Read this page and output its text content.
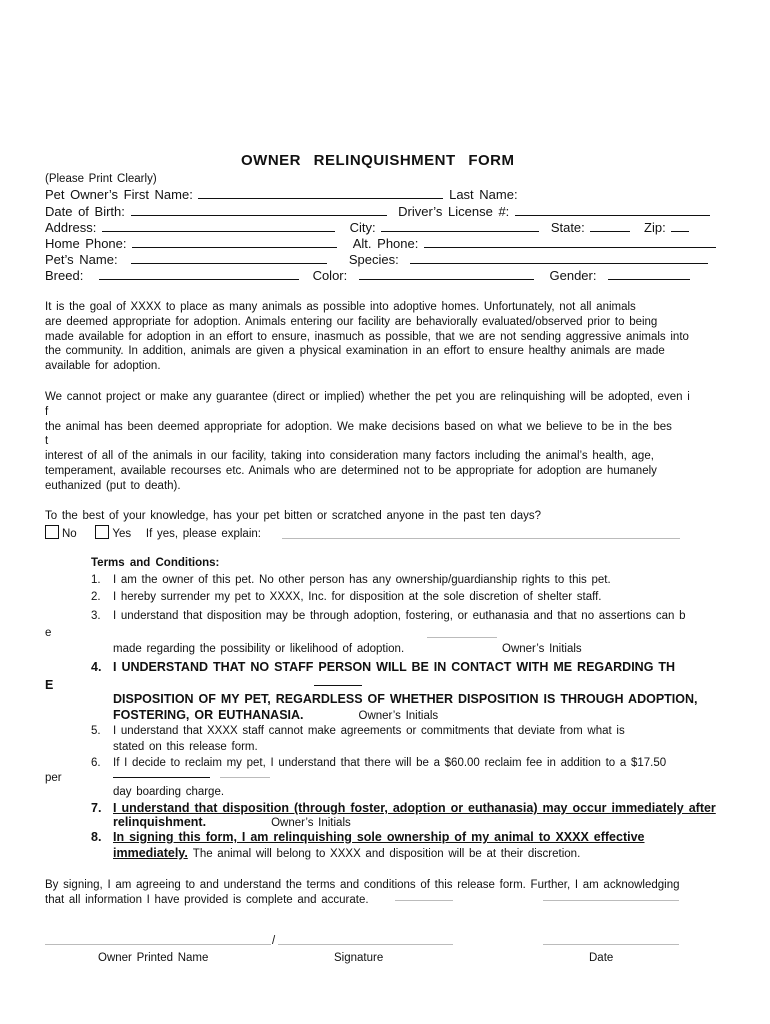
OWNER RELINQUISHMENT FORM
(Please Print Clearly)
Pet Owner’s First Name:	Last Name:
Date of Birth:	Driver’s License #:
Address:	City:	State:	Zip:
Home Phone:	Alt. Phone:
Pet’s Name:	Species:
Breed:	Color:	Gender:
It is the goal of XXXX to place as many animals as possible into adoptive homes. Unfortunately, not all animals
are deemed appropriate for adoption. Animals entering our facility are behaviorally evaluated/observed prior to being
made available for adoption in an effort to ensure, inasmuch as possible, that we are not sending aggressive animals into
the community. In addition, animals are given a physical examination in an effort to ensure healthy animals are made
available for adoption.
We cannot project or make any guarantee (direct or implied) whether the pet you are relinquishing will be adopted, even i
f
the animal has been deemed appropriate for adoption. We make decisions based on what we believe to be in the bes
t
interest of all of the animals in our facility, taking into consideration many factors including the animal’s health, age,
temperament, available recourses etc. Animals who are determined not to be appropriate for adoption are humanely
euthanized (put to death).
To the best of your knowledge, has your pet bitten or scratched anyone in the past ten days?
No	Yes If yes, please explain:
Terms and Conditions:
1. I am the owner of this pet. No other person has any ownership/guardianship rights to this pet.
2. I hereby surrender my pet to XXXX, Inc. for disposition at the sole discretion of shelter staff.
3. I understand that disposition may be through adoption, fostering, or euthanasia and that no assertions can b
e
made regarding the possibility or likelihood of adoption.	Owner’s Initials
4. I UNDERSTAND THAT NO STAFF PERSON WILL BE IN CONTACT WITH ME REGARDING TH
E
DISPOSITION OF MY PET, REGARDLESS OF WHETHER DISPOSITION IS THROUGH ADOPTION,
FOSTERING, OR EUTHANASIA.	Owner’s Initials
5. I understand that XXXX staff cannot make agreements or commitments that deviate from what is
stated on this release form.
6. If I decide to reclaim my pet, I understand that there will be a $60.00 reclaim fee in addition to a $17.50
per
day boarding charge.
7. I understand that disposition (through foster, adoption or euthanasia) may occur immediately after
relinquishment.	Owner’s Initials
8. In signing this form, I am relinquishing sole ownership of my animal to XXXX effective
immediately. The animal will belong to XXXX and disposition will be at their discretion.
By signing, I am agreeing to and understand the terms and conditions of this release form. Further, I am acknowledging
that all information I have provided is complete and accurate.
/
Owner Printed Name	Signature	Date
